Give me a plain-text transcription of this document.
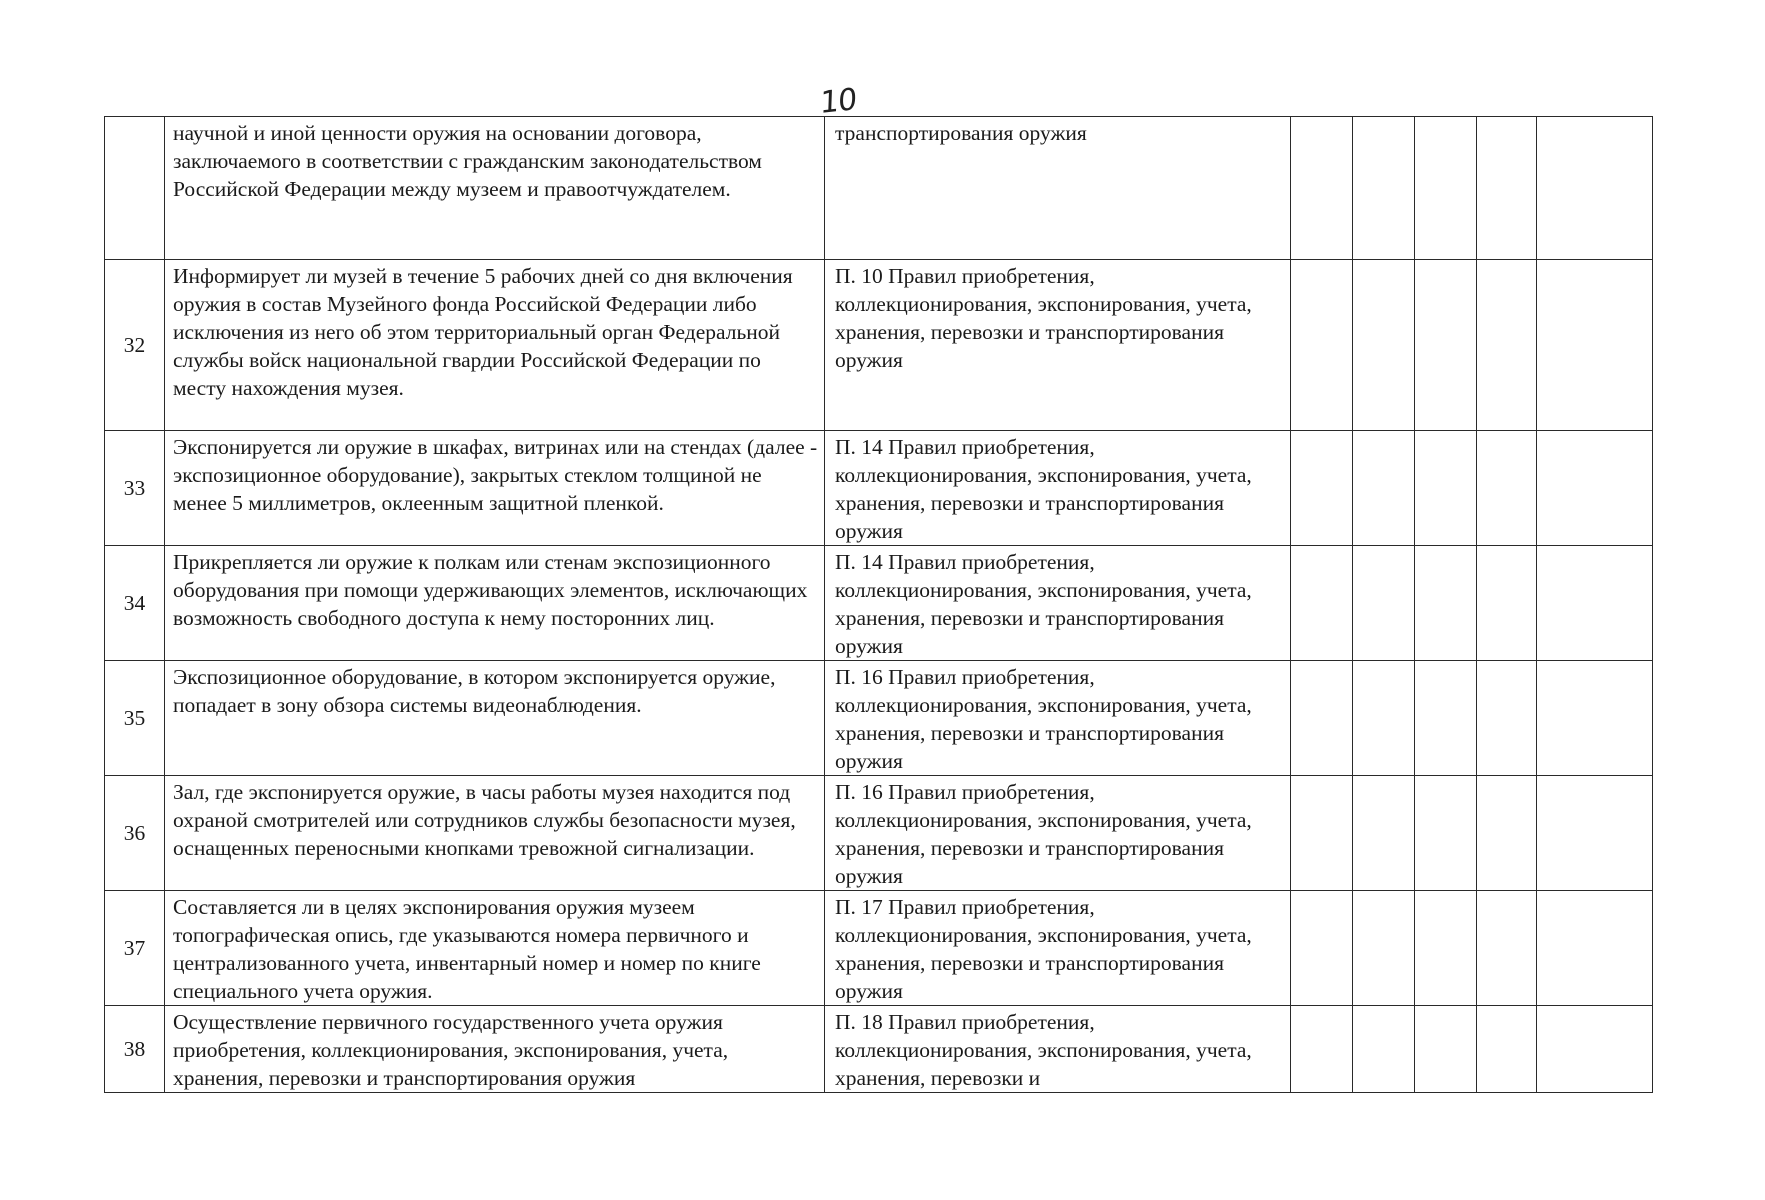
10
	научной и иной ценности оружия на основании договора, заключаемого в соответствии с гражданским законодательством Российской Федерации между музеем и правоотчуждателем.	транспортирования оружия					
32	Информирует ли музей в течение 5 рабочих дней со дня включения оружия в состав Музейного фонда Российской Федерации либо исключения из него об этом территориальный орган Федеральной службы войск национальной гвардии Российской Федерации по месту нахождения музея.	П. 10 Правил приобретения, коллекционирования, экспонирования, учета, хранения, перевозки и транспортирования оружия					
33	Экспонируется ли оружие в шкафах, витринах или на стендах (далее - экспозиционное оборудование), закрытых стеклом толщиной не менее 5 миллиметров, оклеенным защитной пленкой.	П. 14 Правил приобретения, коллекционирования, экспонирования, учета, хранения, перевозки и транспортирования оружия					
34	Прикрепляется ли оружие к полкам или стенам экспозиционного оборудования при помощи удерживающих элементов, исключающих возможность свободного доступа к нему посторонних лиц.	П. 14 Правил приобретения, коллекционирования, экспонирования, учета, хранения, перевозки и транспортирования оружия					
35	Экспозиционное оборудование, в котором экспонируется оружие, попадает в зону обзора системы видеонаблюдения.	П. 16 Правил приобретения, коллекционирования, экспонирования, учета, хранения, перевозки и транспортирования оружия					
36	Зал, где экспонируется оружие, в часы работы музея находится под охраной смотрителей или сотрудников службы безопасности музея, оснащенных переносными кнопками тревожной сигнализации.	П. 16 Правил приобретения, коллекционирования, экспонирования, учета, хранения, перевозки и транспортирования оружия					
37	Составляется ли в целях экспонирования оружия музеем топографическая опись, где указываются номера первичного и централизованного учета, инвентарный номер и номер по книге специального учета оружия.	П. 17 Правил приобретения, коллекционирования, экспонирования, учета, хранения, перевозки и транспортирования оружия					
38	Осуществление первичного государственного учета оружия приобретения, коллекционирования, экспонирования, учета, хранения, перевозки и транспортирования оружия	П. 18 Правил приобретения, коллекционирования, экспонирования, учета, хранения, перевозки и					
